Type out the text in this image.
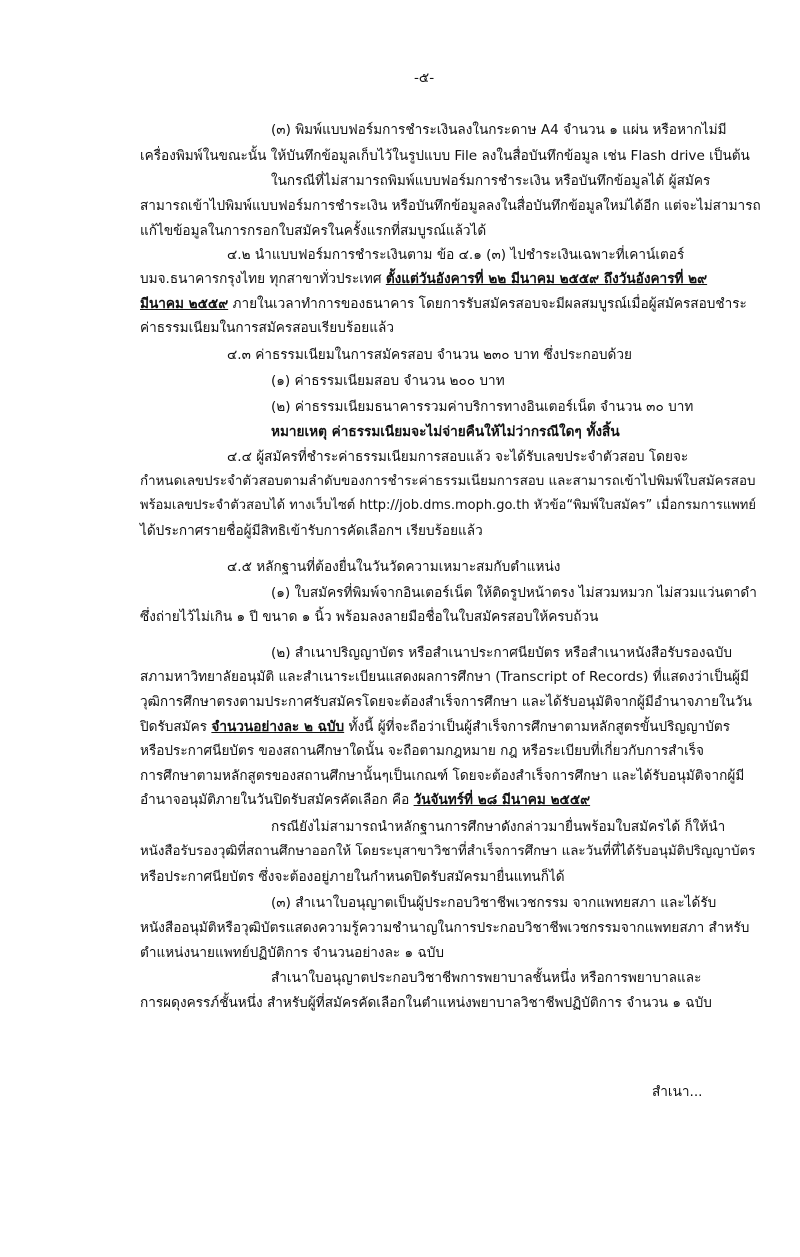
-๕-
(๓) พิมพ์แบบฟอร์มการชำระเงินลงในกระดาษ A4 จำนวน ๑ แผ่น หรือหากไม่มี
เครื่องพิมพ์ในขณะนั้น ให้บันทึกข้อมูลเก็บไว้ในรูปแบบ File ลงในสื่อบันทึกข้อมูล เช่น Flash drive เป็นต้น
ในกรณีที่ไม่สามารถพิมพ์แบบฟอร์มการชำระเงิน หรือบันทึกข้อมูลได้ ผู้สมัคร
สามารถเข้าไปพิมพ์แบบฟอร์มการชำระเงิน หรือบันทึกข้อมูลลงในสื่อบันทึกข้อมูลใหม่ได้อีก แต่จะไม่สามารถ
แก้ไขข้อมูลในการกรอกใบสมัครในครั้งแรกที่สมบูรณ์แล้วได้
๔.๒ นำแบบฟอร์มการชำระเงินตาม ข้อ ๔.๑ (๓) ไปชำระเงินเฉพาะที่เคาน์เตอร์
บมจ.ธนาคารกรุงไทย ทุกสาขาทั่วประเทศ ตั้งแต่วันอังคารที่ ๒๒ มีนาคม ๒๕๕๙ ถึงวันอังคารที่ ๒๙
มีนาคม ๒๕๕๙ ภายในเวลาทำการของธนาคาร โดยการรับสมัครสอบจะมีผลสมบูรณ์เมื่อผู้สมัครสอบชำระ
ค่าธรรมเนียมในการสมัครสอบเรียบร้อยแล้ว
๔.๓ ค่าธรรมเนียมในการสมัครสอบ จำนวน ๒๓๐ บาท ซึ่งประกอบด้วย
(๑) ค่าธรรมเนียมสอบ จำนวน ๒๐๐ บาท
(๒) ค่าธรรมเนียมธนาคารรวมค่าบริการทางอินเตอร์เน็ต จำนวน ๓๐ บาท
หมายเหตุ ค่าธรรมเนียมจะไม่จ่ายคืนให้ไม่ว่ากรณีใดๆ ทั้งสิ้น
๔.๔ ผู้สมัครที่ชำระค่าธรรมเนียมการสอบแล้ว จะได้รับเลขประจำตัวสอบ โดยจะ
กำหนดเลขประจำตัวสอบตามลำดับของการชำระค่าธรรมเนียมการสอบ และสามารถเข้าไปพิมพ์ใบสมัครสอบ
พร้อมเลขประจำตัวสอบได้ ทางเว็บไซต์ http://job.dms.moph.go.th หัวข้อ“พิมพ์ใบสมัคร” เมื่อกรมการแพทย์
ได้ประกาศรายชื่อผู้มีสิทธิเข้ารับการคัดเลือกฯ เรียบร้อยแล้ว
๔.๕ หลักฐานที่ต้องยื่นในวันวัดความเหมาะสมกับตำแหน่ง
(๑) ใบสมัครที่พิมพ์จากอินเตอร์เน็ต ให้ติดรูปหน้าตรง ไม่สวมหมวก ไม่สวมแว่นตาดำ
ซึ่งถ่ายไว้ไม่เกิน ๑ ปี ขนาด ๑ นิ้ว พร้อมลงลายมือชื่อในใบสมัครสอบให้ครบถ้วน
(๒) สำเนาปริญญาบัตร หรือสำเนาประกาศนียบัตร หรือสำเนาหนังสือรับรองฉบับ
สภามหาวิทยาลัยอนุมัติ และสำเนาระเบียนแสดงผลการศึกษา (Transcript of Records) ที่แสดงว่าเป็นผู้มี
วุฒิการศึกษาตรงตามประกาศรับสมัครโดยจะต้องสำเร็จการศึกษา และได้รับอนุมัติจากผู้มีอำนาจภายในวัน
ปิดรับสมัคร จำนวนอย่างละ ๒ ฉบับ ทั้งนี้ ผู้ที่จะถือว่าเป็นผู้สำเร็จการศึกษาตามหลักสูตรขั้นปริญญาบัตร
หรือประกาศนียบัตร ของสถานศึกษาใดนั้น จะถือตามกฎหมาย กฎ หรือระเบียบที่เกี่ยวกับการสำเร็จ
การศึกษาตามหลักสูตรของสถานศึกษานั้นๆเป็นเกณฑ์ โดยจะต้องสำเร็จการศึกษา และได้รับอนุมัติจากผู้มี
อำนาจอนุมัติภายในวันปิดรับสมัครคัดเลือก คือ วันจันทร์ที่ ๒๘ มีนาคม ๒๕๕๙
กรณียังไม่สามารถนำหลักฐานการศึกษาดังกล่าวมายื่นพร้อมใบสมัครได้ ก็ให้นำ
หนังสือรับรองวุฒิที่สถานศึกษาออกให้ โดยระบุสาขาวิชาที่สำเร็จการศึกษา และวันที่ที่ได้รับอนุมัติปริญญาบัตร
หรือประกาศนียบัตร ซึ่งจะต้องอยู่ภายในกำหนดปิดรับสมัครมายื่นแทนก็ได้
(๓) สำเนาใบอนุญาตเป็นผู้ประกอบวิชาชีพเวชกรรม จากแพทยสภา และได้รับ
หนังสืออนุมัติหรือวุฒิบัตรแสดงความรู้ความชำนาญในการประกอบวิชาชีพเวชกรรมจากแพทยสภา สำหรับ
ตำแหน่งนายแพทย์ปฏิบัติการ จำนวนอย่างละ ๑ ฉบับ
สำเนาใบอนุญาตประกอบวิชาชีพการพยาบาลชั้นหนึ่ง หรือการพยาบาลและ
การผดุงครรภ์ชั้นหนึ่ง สำหรับผู้ที่สมัครคัดเลือกในตำแหน่งพยาบาลวิชาชีพปฏิบัติการ จำนวน ๑ ฉบับ
สำเนา...
